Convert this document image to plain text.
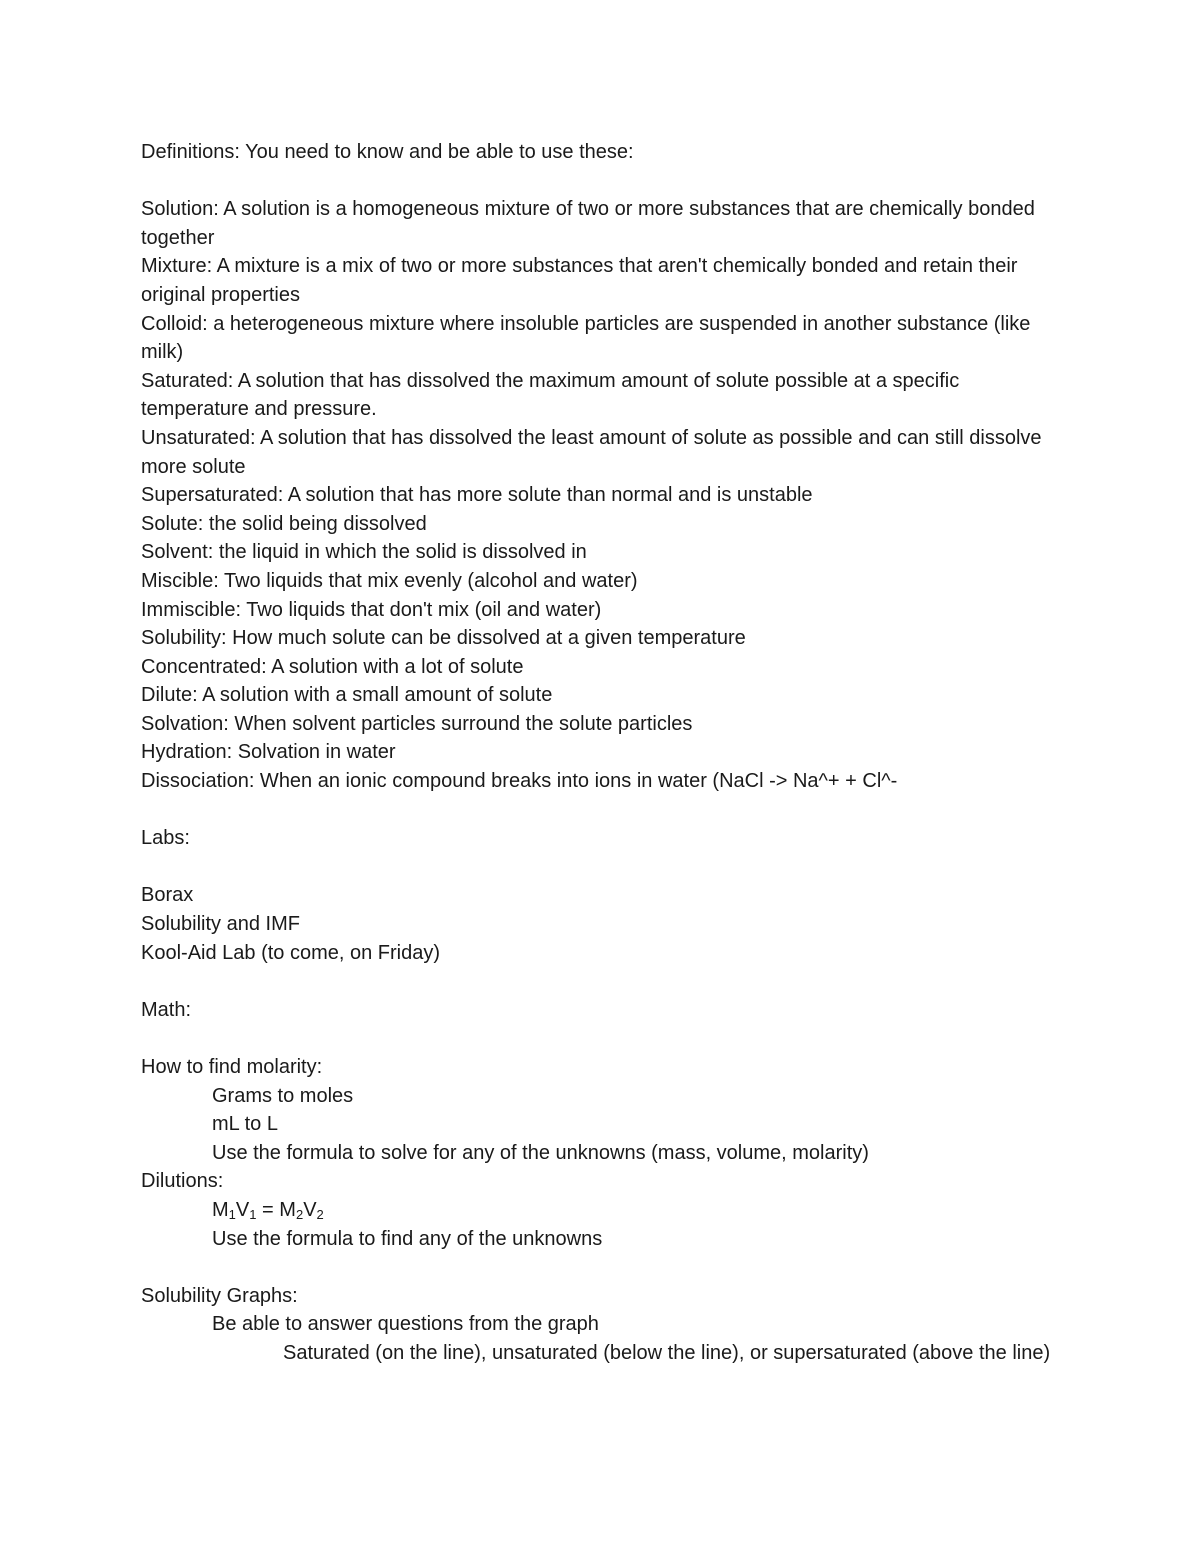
Definitions: You need to know and be able to use these:

Solution: A solution is a homogeneous mixture of two or more substances that are chemically bonded together

Mixture: A mixture is a mix of two or more substances that aren't chemically bonded and retain their original properties

Colloid: a heterogeneous mixture where insoluble particles are suspended in another substance (like milk)

Saturated: A solution that has dissolved the maximum amount of solute possible at a specific temperature and pressure.

Unsaturated: A solution that has dissolved the least amount of solute as possible and can still dissolve more solute

Supersaturated: A solution that has more solute than normal and is unstable

Solute: the solid being dissolved

Solvent: the liquid in which the solid is dissolved in

Miscible: Two liquids that mix evenly (alcohol and water)

Immiscible: Two liquids that don't mix (oil and water)

Solubility: How much solute can be dissolved at a given temperature

Concentrated: A solution with a lot of solute

Dilute: A solution with a small amount of solute

Solvation: When solvent particles surround the solute particles

Hydration: Solvation in water

Dissociation: When an ionic compound breaks into ions in water (NaCl -> Na^+ + Cl^-

Labs:

Borax

Solubility and IMF

Kool-Aid Lab (to come, on Friday)

Math:

How to find molarity:

Grams to moles

mL to L

Use the formula to solve for any of the unknowns (mass, volume, molarity)

Dilutions:

$M_1V_1 = M_2V_2$

Use the formula to find any of the unknowns

Solubility Graphs:

Be able to answer questions from the graph

Saturated (on the line), unsaturated (below the line), or supersaturated (above the line)
